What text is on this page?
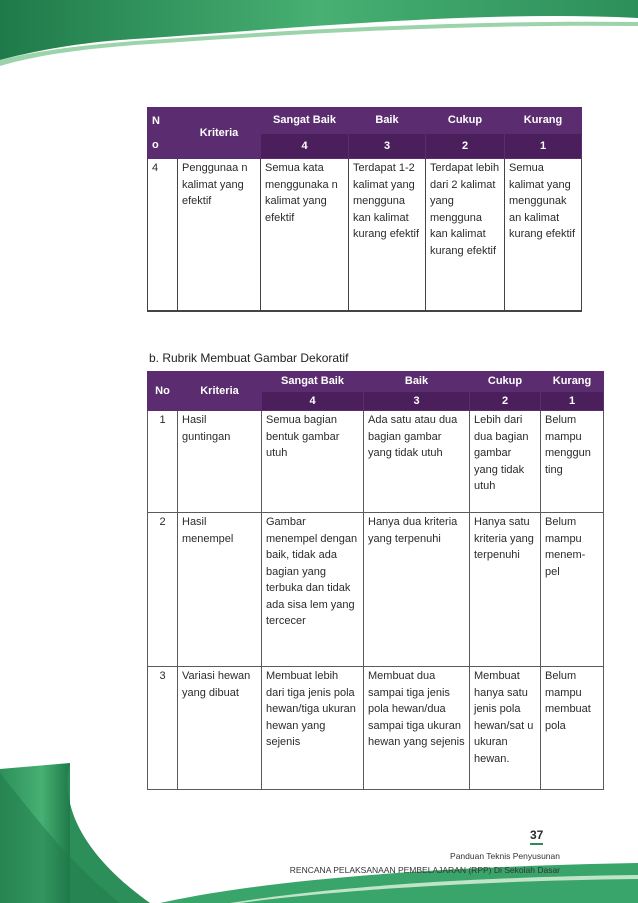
N
o	Kriteria	Sangat Baik	Baik	Cukup	Kurang
		4	3	2	1
4	Penggunaa n kalimat yang efektif	Semua kata menggunaka n kalimat yang efektif	Terdapat 1-2 kalimat yang mengguna kan kalimat kurang efektif	Terdapat lebih dari 2 kalimat yang mengguna kan kalimat kurang efektif	Semua kalimat yang menggunak an kalimat kurang efektif
b. Rubrik Membuat Gambar Dekoratif
No	Kriteria	Sangat Baik	Baik	Cukup	Kurang
		4	3	2	1
1	Hasil guntingan	Semua bagian bentuk gambar utuh	Ada satu atau dua bagian gambar yang tidak utuh	Lebih dari dua bagian gambar yang tidak utuh	Belum mampu menggun ting
2	Hasil menempel	Gambar menempel dengan baik, tidak ada bagian yang terbuka dan tidak ada sisa lem yang tercecer	Hanya dua kriteria yang terpenuhi	Hanya satu kriteria yang terpenuhi	Belum mampu menem-pel
3	Variasi hewan yang dibuat	Membuat lebih dari tiga jenis pola hewan/tiga ukuran hewan yang sejenis	Membuat dua sampai tiga jenis pola hewan/dua sampai tiga ukuran hewan yang sejenis	Membuat hanya satu jenis pola hewan/sat u ukuran hewan.	Belum mampu membuat pola
37
Panduan Teknis Penyusunan
RENCANA PELAKSANAAN PEMBELAJARAN (RPP) Di Sekolah Dasar
